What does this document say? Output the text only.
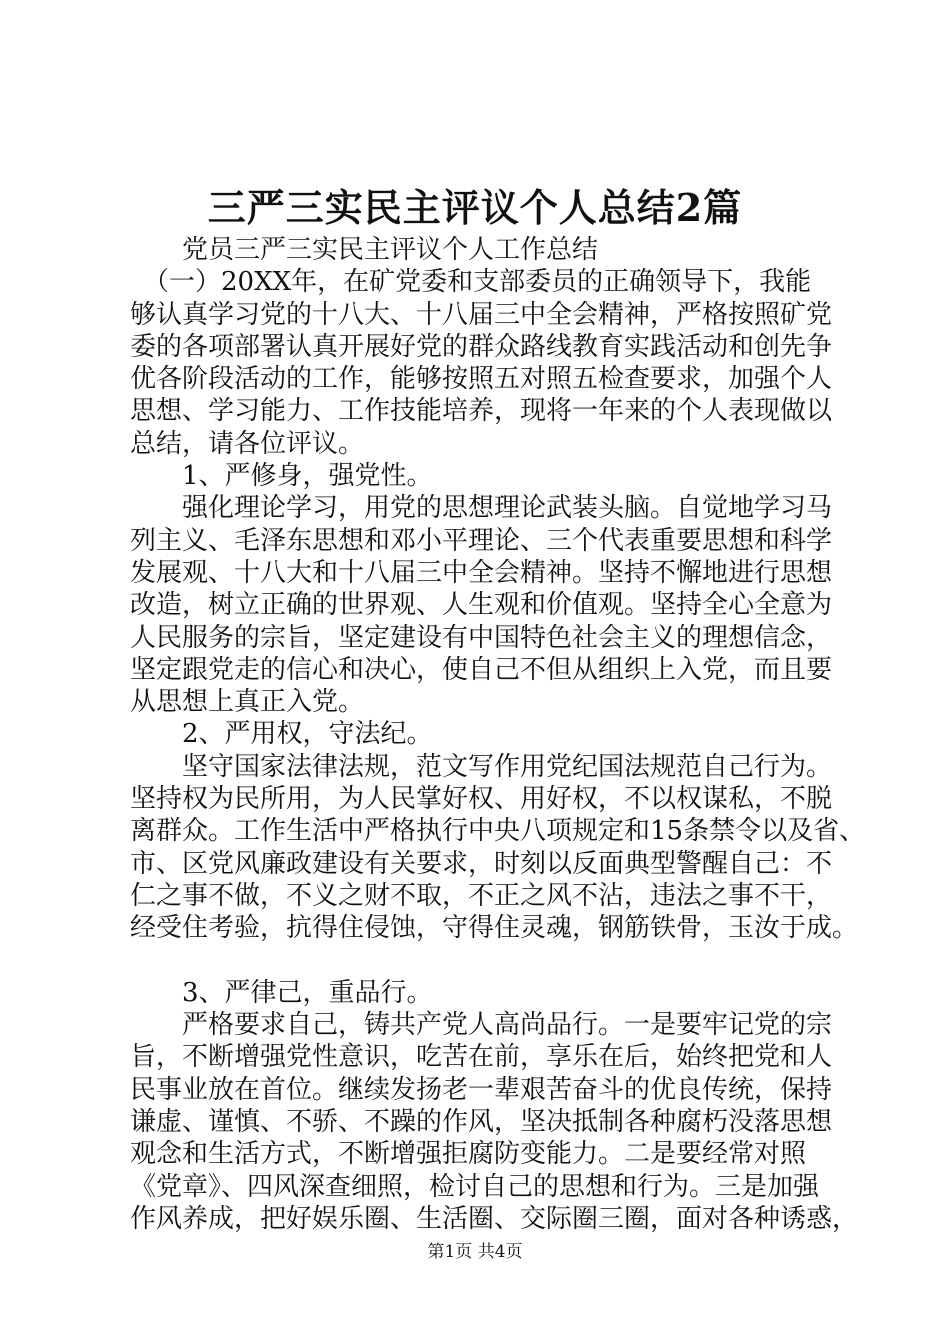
三严三实民主评议个人总结2篇
　　党员三严三实民主评议个人工作总结
　（一）20XX年，在矿党委和支部委员的正确领导下，我能
够认真学习党的十八大、十八届三中全会精神，严格按照矿党
委的各项部署认真开展好党的群众路线教育实践活动和创先争
优各阶段活动的工作，能够按照五对照五检查要求，加强个人
思想、学习能力、工作技能培养，现将一年来的个人表现做以
总结，请各位评议。
　　1、严修身，强党性。
　　强化理论学习，用党的思想理论武装头脑。自觉地学习马
列主义、毛泽东思想和邓小平理论、三个代表重要思想和科学
发展观、十八大和十八届三中全会精神。坚持不懈地进行思想
改造，树立正确的世界观、人生观和价值观。坚持全心全意为
人民服务的宗旨，坚定建设有中国特色社会主义的理想信念，
坚定跟党走的信心和决心，使自己不但从组织上入党，而且要
从思想上真正入党。
　　2、严用权，守法纪。
　　坚守国家法律法规，范文写作用党纪国法规范自己行为。
坚持权为民所用，为人民掌好权、用好权，不以权谋私，不脱
离群众。工作生活中严格执行中央八项规定和15条禁令以及省、
市、区党风廉政建设有关要求，时刻以反面典型警醒自己：不
仁之事不做，不义之财不取，不正之风不沾，违法之事不干，
经受住考验，抗得住侵蚀，守得住灵魂，钢筋铁骨，玉汝于成。
　　3、严律己，重品行。
　　严格要求自己，铸共产党人高尚品行。一是要牢记党的宗
旨，不断增强党性意识，吃苦在前，享乐在后，始终把党和人
民事业放在首位。继续发扬老一辈艰苦奋斗的优良传统，保持
谦虚、谨慎、不骄、不躁的作风，坚决抵制各种腐朽没落思想
观念和生活方式，不断增强拒腐防变能力。二是要经常对照
《党章》、四风深查细照，检讨自己的思想和行为。三是加强
作风养成，把好娱乐圈、生活圈、交际圈三圈，面对各种诱惑，
第1页 共4页
